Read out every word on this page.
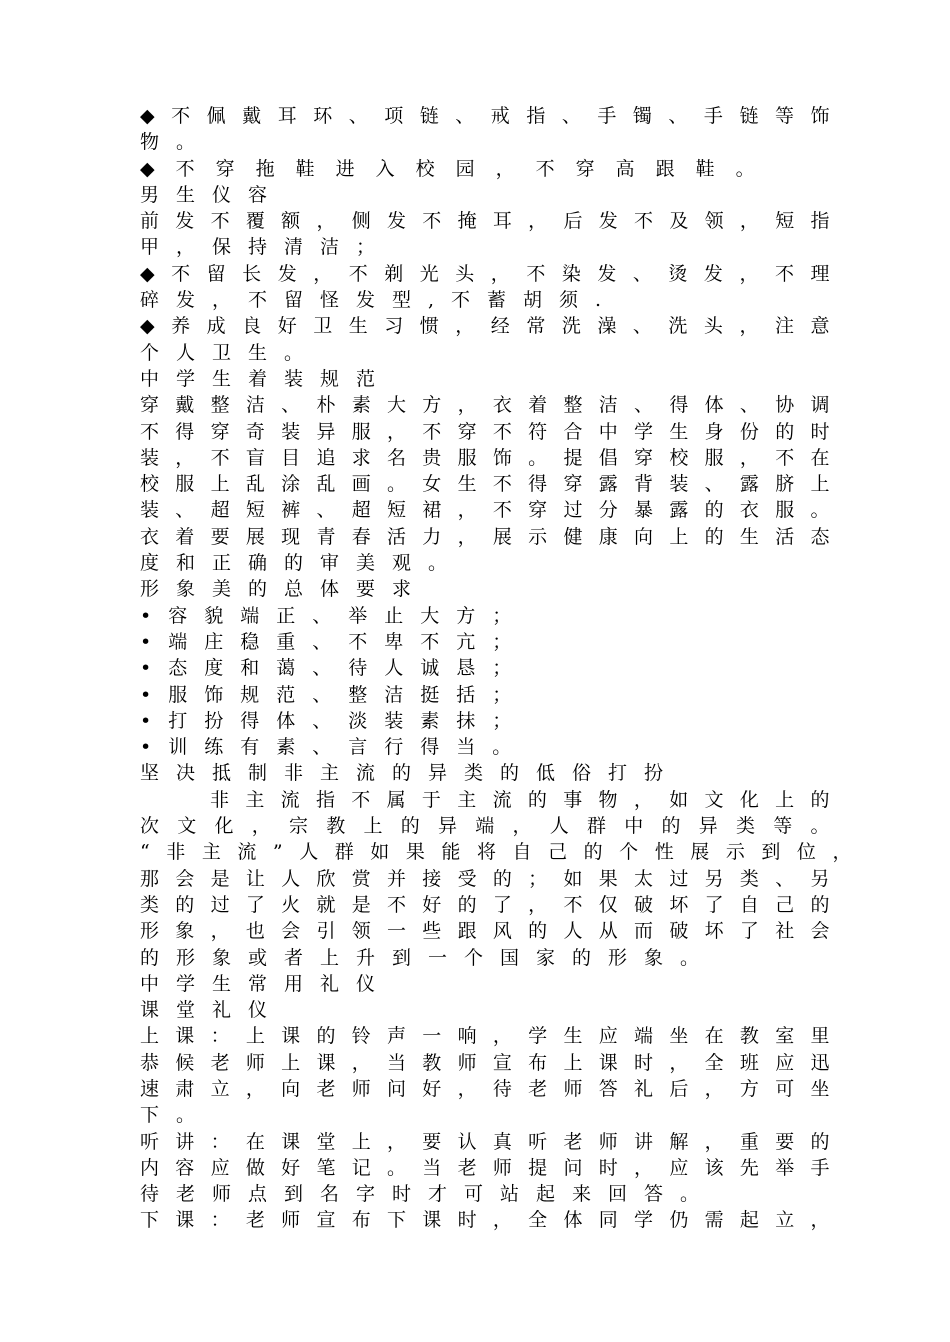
◆不佩戴耳环、项链、戒指、手镯、手链等饰
物。
◆不穿拖鞋进入校园，不穿高跟鞋。
男生仪容
前发不覆额，侧发不掩耳，后发不及领，短指
甲，保持清洁；
◆不留长发，不剃光头，不染发、烫发，不理
碎发，不留怪发型,不蓄胡须.
◆养成良好卫生习惯，经常洗澡、洗头，注意
个人卫生。
中学生着装规范
穿戴整洁、朴素大方，衣着整洁、得体、协调
不得穿奇装异服，不穿不符合中学生身份的时
装，不盲目追求名贵服饰。提倡穿校服，不在
校服上乱涂乱画。女生不得穿露背装、露脐上
装、超短裤、超短裙，不穿过分暴露的衣服。
衣着要展现青春活力，展示健康向上的生活态
度和正确的审美观。
形象美的总体要求
•容貌端正、举止大方；
•端庄稳重、不卑不亢；
•态度和蔼、待人诚恳；
•服饰规范、整洁挺括；
•打扮得体、淡装素抹；
•训练有素、言行得当。
坚决抵制非主流的异类的低俗打扮
非主流指不属于主流的事物，如文化上的
次文化，宗教上的异端，人群中的异类等。
“非主流”人群如果能将自己的个性展示到位，
那会是让人欣赏并接受的；如果太过另类、另
类的过了火就是不好的了，不仅破坏了自己的
形象，也会引领一些跟风的人从而破坏了社会
的形象或者上升到一个国家的形象。
中学生常用礼仪
课堂礼仪
上课：上课的铃声一响，学生应端坐在教室里
恭候老师上课，当教师宣布上课时，全班应迅
速肃立，向老师问好，待老师答礼后，方可坐
下。
听讲：在课堂上，要认真听老师讲解，重要的
内容应做好笔记。当老师提问时，应该先举手
待老师点到名字时才可站起来回答。
下课：老师宣布下课时，全体同学仍需起立，
